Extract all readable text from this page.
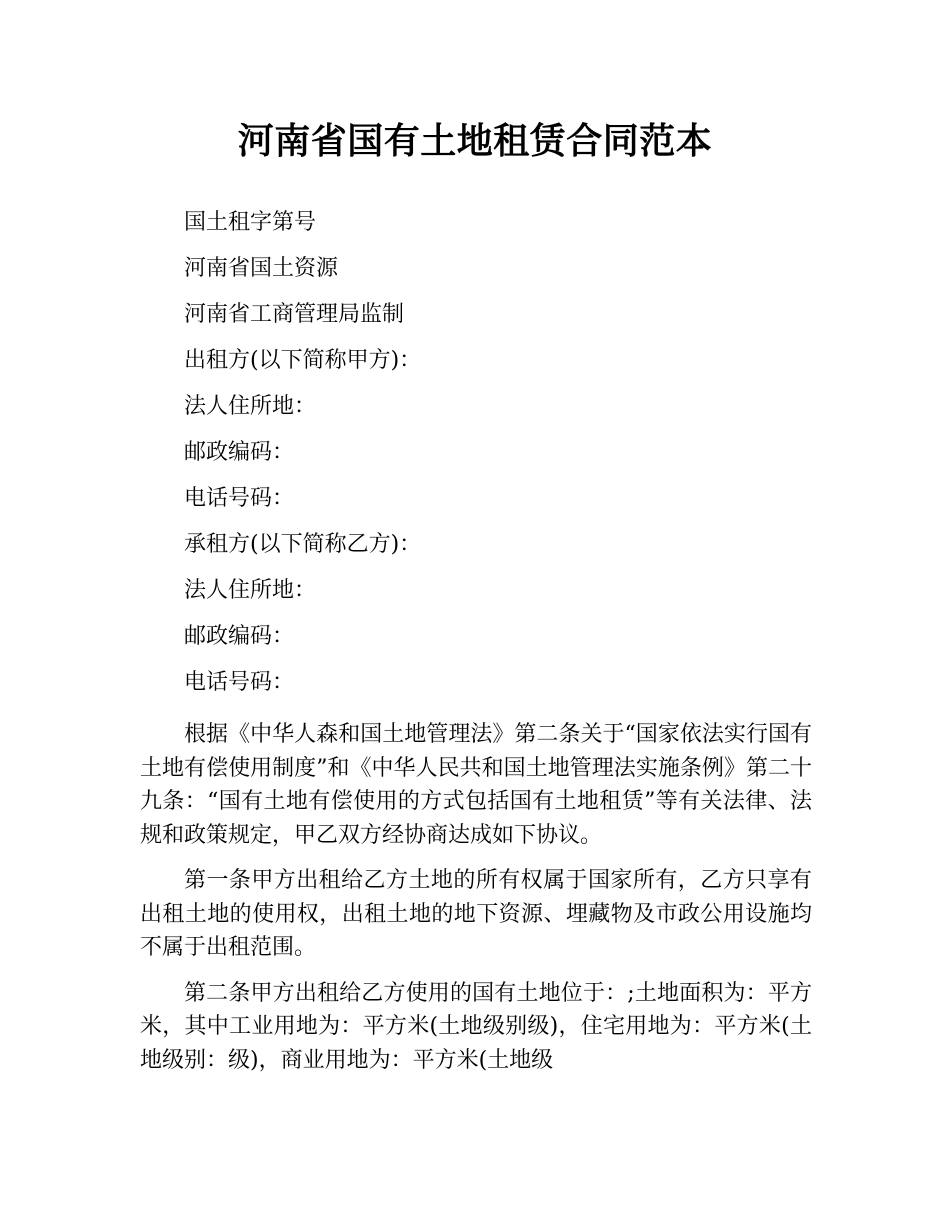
河南省国有土地租赁合同范本

国土租字第号

河南省国土资源

河南省工商管理局监制

出租方(以下简称甲方)：

法人住所地：

邮政编码：

电话号码：

承租方(以下简称乙方)：

法人住所地：

邮政编码：

电话号码：

根据《中华人森和国土地管理法》第二条关于“国家依法实行国有土地有偿使用制度”和《中华人民共和国土地管理法实施条例》第二十九条：“国有土地有偿使用的方式包括国有土地租赁”等有关法律、法规和政策规定，甲乙双方经协商达成如下协议。

第一条甲方出租给乙方土地的所有权属于国家所有，乙方只享有出租土地的使用权，出租土地的地下资源、埋藏物及市政公用设施均不属于出租范围。

第二条甲方出租给乙方使用的国有土地位于：;土地面积为：平方米，其中工业用地为：平方米(土地级别级)，住宅用地为：平方米(土地级别：级)，商业用地为：平方米(土地级
